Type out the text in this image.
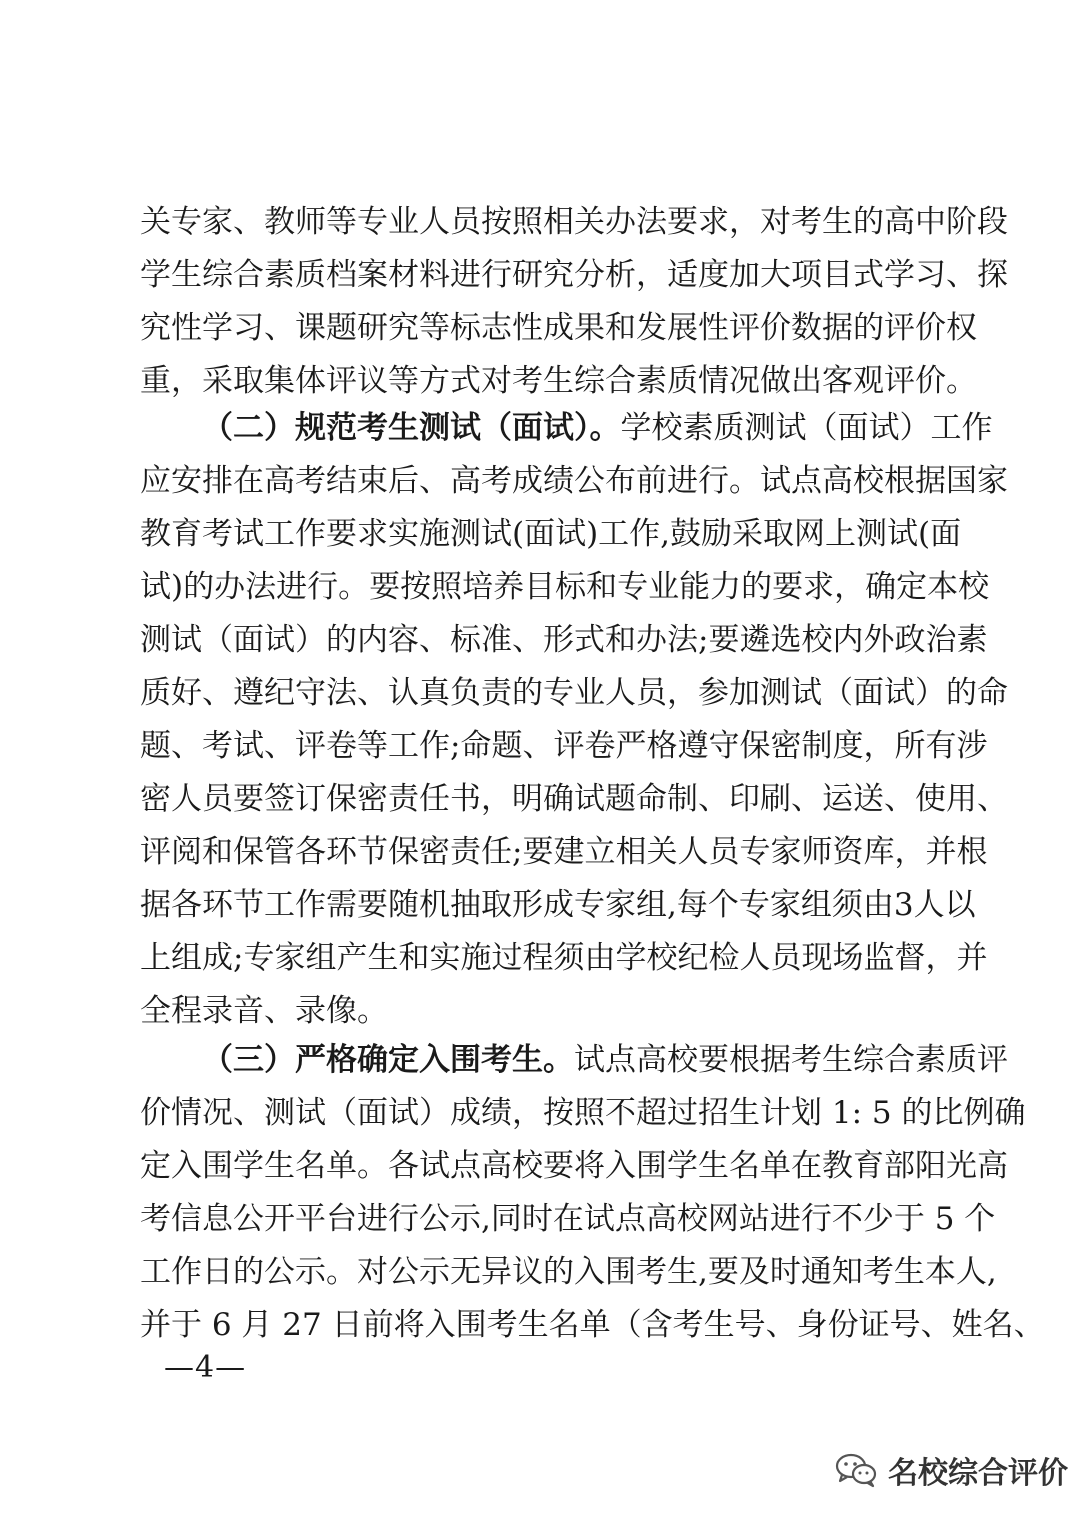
关专家、教师等专业人员按照相关办法要求，对考生的高中阶段
学生综合素质档案材料进行研究分析，适度加大项目式学习、探
究性学习、课题研究等标志性成果和发展性评价数据的评价权
重，采取集体评议等方式对考生综合素质情况做出客观评价。
（二）规范考生测试（面试）。学校素质测试（面试）工作
应安排在高考结束后、高考成绩公布前进行。试点高校根据国家
教育考试工作要求实施测试(面试)工作,鼓励采取网上测试(面
试)的办法进行。要按照培养目标和专业能力的要求，确定本校
测试（面试）的内容、标准、形式和办法;要遴选校内外政治素
质好、遵纪守法、认真负责的专业人员，参加测试（面试）的命
题、考试、评卷等工作;命题、评卷严格遵守保密制度，所有涉
密人员要签订保密责任书，明确试题命制、印刷、运送、使用、
评阅和保管各环节保密责任;要建立相关人员专家师资库，并根
据各环节工作需要随机抽取形成专家组,每个专家组须由3人以
上组成;专家组产生和实施过程须由学校纪检人员现场监督，并
全程录音、录像。
（三）严格确定入围考生。试点高校要根据考生综合素质评
价情况、测试（面试）成绩，按照不超过招生计划 1: 5 的比例确
定入围学生名单。各试点高校要将入围学生名单在教育部阳光高
考信息公开平台进行公示,同时在试点高校网站进行不少于 5 个
工作日的公示。对公示无异议的入围考生,要及时通知考生本人,
并于 6 月 27 日前将入围考生名单（含考生号、身份证号、姓名、
—4—
名校综合评价
